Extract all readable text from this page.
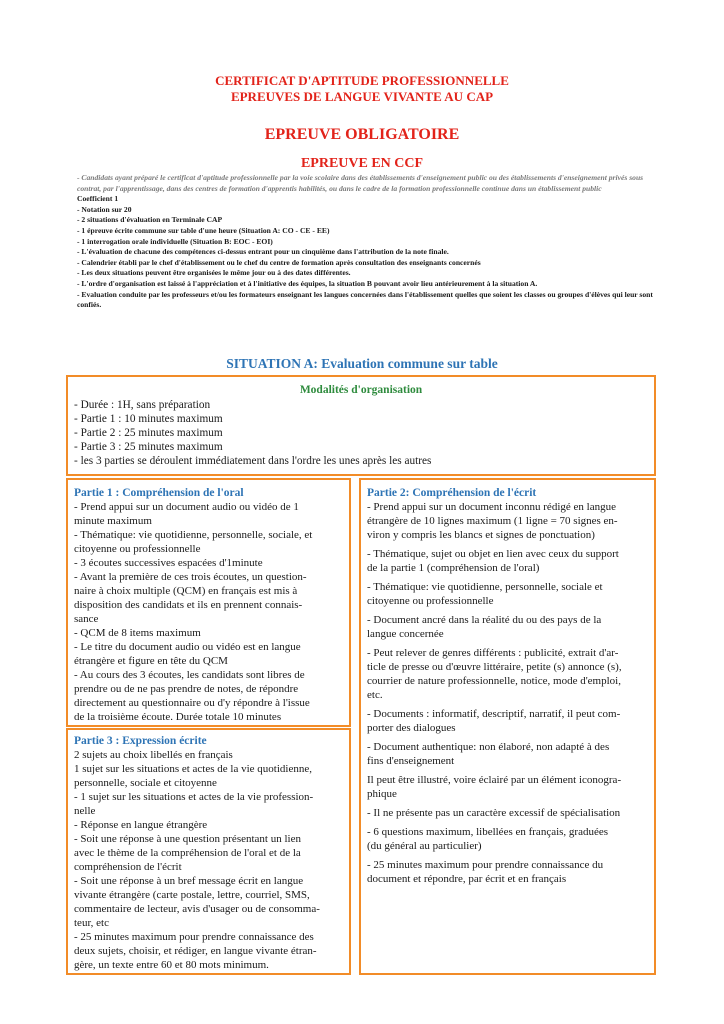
CERTIFICAT D'APTITUDE PROFESSIONNELLE
EPREUVES DE LANGUE VIVANTE AU CAP
EPREUVE OBLIGATOIRE
EPREUVE EN CCF

- Candidats ayant préparé le certificat d'aptitude professionnelle par la voie scolaire dans des établissements d'enseignement public ou des établissements d'enseignement privés sous contrat, par l'apprentissage, dans des centres de formation d'apprentis habilités, ou dans le cadre de la formation professionnelle continue dans un établissement public

Coefficient 1

- Notation sur 20

- 2 situations d'évaluation en Terminale CAP

- 1 épreuve écrite commune sur table d'une heure (Situation A: CO - CE - EE)

- 1 interrogation orale individuelle (Situation B: EOC - EOI)

- L'évaluation de chacune des compétences ci-dessus entrant pour un cinquième dans l'attribution de la note finale.

- Calendrier établi par le chef d'établissement ou le chef du centre de formation après consultation des enseignants concernés

- Les deux situations peuvent être organisées le même jour ou à des dates différentes.

- L'ordre d'organisation est laissé à l'appréciation et à l'initiative des équipes, la situation B pouvant avoir lieu antérieurement à la situation A.

- Evaluation conduite par les professeurs et/ou les formateurs enseignant les langues concernées dans l'établissement quelles que soient les classes ou groupes d'élèves qui leur sont confiés.

SITUATION A: Evaluation commune sur table
Modalités d'organisation
- Durée : 1H, sans préparation
- Partie 1 : 10 minutes maximum
- Partie 2 : 25 minutes maximum
- Partie 3 : 25 minutes maximum
- les 3 parties se déroulent immédiatement dans l'ordre les unes après les autres
Partie 1 : Compréhension de l'oral
- Prend appui sur un document audio ou vidéo de 1
minute maximum
- Thématique: vie quotidienne, personnelle, sociale, et
citoyenne ou professionnelle
- 3 écoutes successives espacées d'1minute
- Avant la première de ces trois écoutes, un question-
naire à choix multiple (QCM) en français est mis à
disposition des candidats et ils en prennent connais-
sance
- QCM de 8 items maximum
- Le titre du document audio ou vidéo est en langue
étrangère et figure en tête du QCM
- Au cours des 3 écoutes, les candidats sont libres de
prendre ou de ne pas prendre de notes, de répondre
directement au questionnaire ou d'y répondre à l'issue
de la troisième écoute. Durée totale 10 minutes
Partie 3 : Expression écrite
2 sujets au choix libellés en français
1 sujet sur les situations et actes de la vie quotidienne,
personnelle, sociale et citoyenne
- 1 sujet sur les situations et actes de la vie profession-
nelle
- Réponse en langue étrangère
- Soit une réponse à une question présentant un lien
avec le thème de la compréhension de l'oral et de la
compréhension de l'écrit
- Soit une réponse à un bref message écrit en langue
vivante étrangère (carte postale, lettre, courriel, SMS,
commentaire de lecteur, avis d'usager ou de consomma-
teur, etc
- 25 minutes maximum pour prendre connaissance des
deux sujets, choisir, et rédiger, en langue vivante étran-
gère, un texte entre 60 et 80 mots minimum.
Partie 2: Compréhension de l'écrit
- Prend appui sur un document inconnu rédigé en langue
étrangère de 10 lignes maximum (1 ligne = 70 signes en-
viron y compris les blancs et signes de ponctuation)
- Thématique, sujet ou objet en lien avec ceux du support
de la partie 1 (compréhension de l'oral)
- Thématique: vie quotidienne, personnelle, sociale et
citoyenne ou professionnelle
- Document ancré dans la réalité du ou des pays de la
langue concernée
- Peut relever de genres différents : publicité, extrait d'ar-
ticle de presse ou d'œuvre littéraire, petite (s) annonce (s),
courrier de nature professionnelle, notice, mode d'emploi,
etc.
- Documents : informatif, descriptif, narratif, il peut com-
porter des dialogues
- Document authentique: non élaboré, non adapté à des
fins d'enseignement
Il peut être illustré, voire éclairé par un élément iconogra-
phique
- Il ne présente pas un caractère excessif de spécialisation
- 6 questions maximum, libellées en français, graduées
(du général au particulier)
- 25 minutes maximum pour prendre connaissance du
document et répondre, par écrit et en français
